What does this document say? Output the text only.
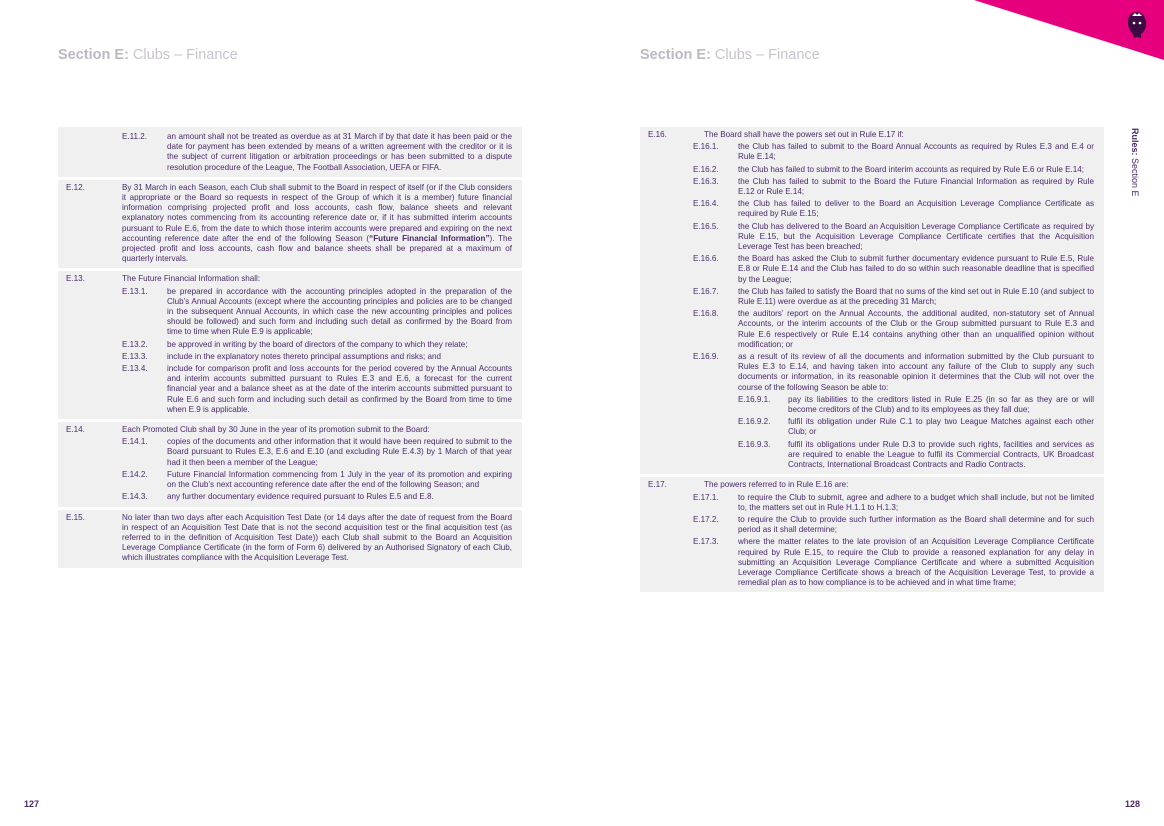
Section E: Clubs – Finance	Section E: Clubs – Finance
Rules: Section E
127	128
E.11.2.	an amount shall not be treated as overdue as at 31 March if by that date it has been paid or the date for payment has been extended by means of a written agreement with the creditor or it is the subject of current litigation or arbitration proceedings or has been submitted to a dispute resolution procedure of the League, The Football Association, UEFA or FIFA.
E.12.	By 31 March in each Season, each Club shall submit to the Board in respect of itself (or if the Club considers it appropriate or the Board so requests in respect of the Group of which it is a member) future financial information comprising projected profit and loss accounts, cash flow, balance sheets and relevant explanatory notes commencing from its accounting reference date or, if it has submitted interim accounts pursuant to Rule E.6, from the date to which those interim accounts were prepared and expiring on the next accounting reference date after the end of the following Season (“Future Financial Information”). The projected profit and loss accounts, cash flow and balance sheets shall be prepared at a maximum of quarterly intervals.
E.13.	The Future Financial Information shall:
E.13.1.	be prepared in accordance with the accounting principles adopted in the preparation of the Club’s Annual Accounts (except where the accounting principles and policies are to be changed in the subsequent Annual Accounts, in which case the new accounting principles and polices should be followed) and such form and including such detail as confirmed by the Board from time to time when Rule E.9 is applicable;
E.13.2.	be approved in writing by the board of directors of the company to which they relate;
E.13.3.	include in the explanatory notes thereto principal assumptions and risks; and
E.13.4.	include for comparison profit and loss accounts for the period covered by the Annual Accounts and interim accounts submitted pursuant to Rules E.3 and E.6, a forecast for the current financial year and a balance sheet as at the date of the interim accounts submitted pursuant to Rule E.6 and such form and including such detail as confirmed by the Board from time to time when E.9 is applicable.
E.14.	Each Promoted Club shall by 30 June in the year of its promotion submit to the Board:
E.14.1.	copies of the documents and other information that it would have been required to submit to the Board pursuant to Rules E.3, E.6 and E.10 (and excluding Rule E.4.3) by 1 March of that year had it then been a member of the League;
E.14.2.	Future Financial Information commencing from 1 July in the year of its promotion and expiring on the Club’s next accounting reference date after the end of the following Season; and
E.14.3.	any further documentary evidence required pursuant to Rules E.5 and E.8.
E.15.	No later than two days after each Acquisition Test Date (or 14 days after the date of request from the Board in respect of an Acquisition Test Date that is not the second acquisition test or the final acquisition test (as referred to in the definition of Acquisition Test Date)) each Club shall submit to the Board an Acquisition Leverage Compliance Certificate (in the form of Form 6) delivered by an Authorised Signatory of each Club, which illustrates compliance with the Acquisition Leverage Test.
E.16.	The Board shall have the powers set out in Rule E.17 if:
E.16.1.	the Club has failed to submit to the Board Annual Accounts as required by Rules E.3 and E.4 or Rule E.14;
E.16.2.	the Club has failed to submit to the Board interim accounts as required by Rule E.6 or Rule E.14;
E.16.3.	the Club has failed to submit to the Board the Future Financial Information as required by Rule E.12 or Rule E.14;
E.16.4.	the Club has failed to deliver to the Board an Acquisition Leverage Compliance Certificate as required by Rule E.15;
E.16.5.	the Club has delivered to the Board an Acquisition Leverage Compliance Certificate as required by Rule E.15, but the Acquisition Leverage Compliance Certificate certifies that the Acquisition Leverage Test has been breached;
E.16.6.	the Board has asked the Club to submit further documentary evidence pursuant to Rule E.5, Rule E.8 or Rule E.14 and the Club has failed to do so within such reasonable deadline that is specified by the League;
E.16.7.	the Club has failed to satisfy the Board that no sums of the kind set out in Rule E.10 (and subject to Rule E.11) were overdue as at the preceding 31 March;
E.16.8.	the auditors’ report on the Annual Accounts, the additional audited, non-statutory set of Annual Accounts, or the interim accounts of the Club or the Group submitted pursuant to Rule E.3 and Rule E.6 respectively or Rule E.14 contains anything other than an unqualified opinion without modification; or
E.16.9.	as a result of its review of all the documents and information submitted by the Club pursuant to Rules E.3 to E.14, and having taken into account any failure of the Club to supply any such documents or information, in its reasonable opinion it determines that the Club will not over the course of the following Season be able to:
E.16.9.1.	pay its liabilities to the creditors listed in Rule E.25 (in so far as they are or will become creditors of the Club) and to its employees as they fall due;
E.16.9.2.	fulfil its obligation under Rule C.1 to play two League Matches against each other Club; or
E.16.9.3.	fulfil its obligations under Rule D.3 to provide such rights, facilities and services as are required to enable the League to fulfil its Commercial Contracts, UK Broadcast Contracts, International Broadcast Contracts and Radio Contracts.
E.17.	The powers referred to in Rule E.16 are:
E.17.1.	to require the Club to submit, agree and adhere to a budget which shall include, but not be limited to, the matters set out in Rule H.1.1 to H.1.3;
E.17.2.	to require the Club to provide such further information as the Board shall determine and for such period as it shall determine;
E.17.3.	where the matter relates to the late provision of an Acquisition Leverage Compliance Certificate required by Rule E.15, to require the Club to provide a reasoned explanation for any delay in submitting an Acquisition Leverage Compliance Certificate and where a submitted Acquisition Leverage Compliance Certificate shows a breach of the Acquisition Leverage Test, to provide a remedial plan as to how compliance is to be achieved and in what time frame;
